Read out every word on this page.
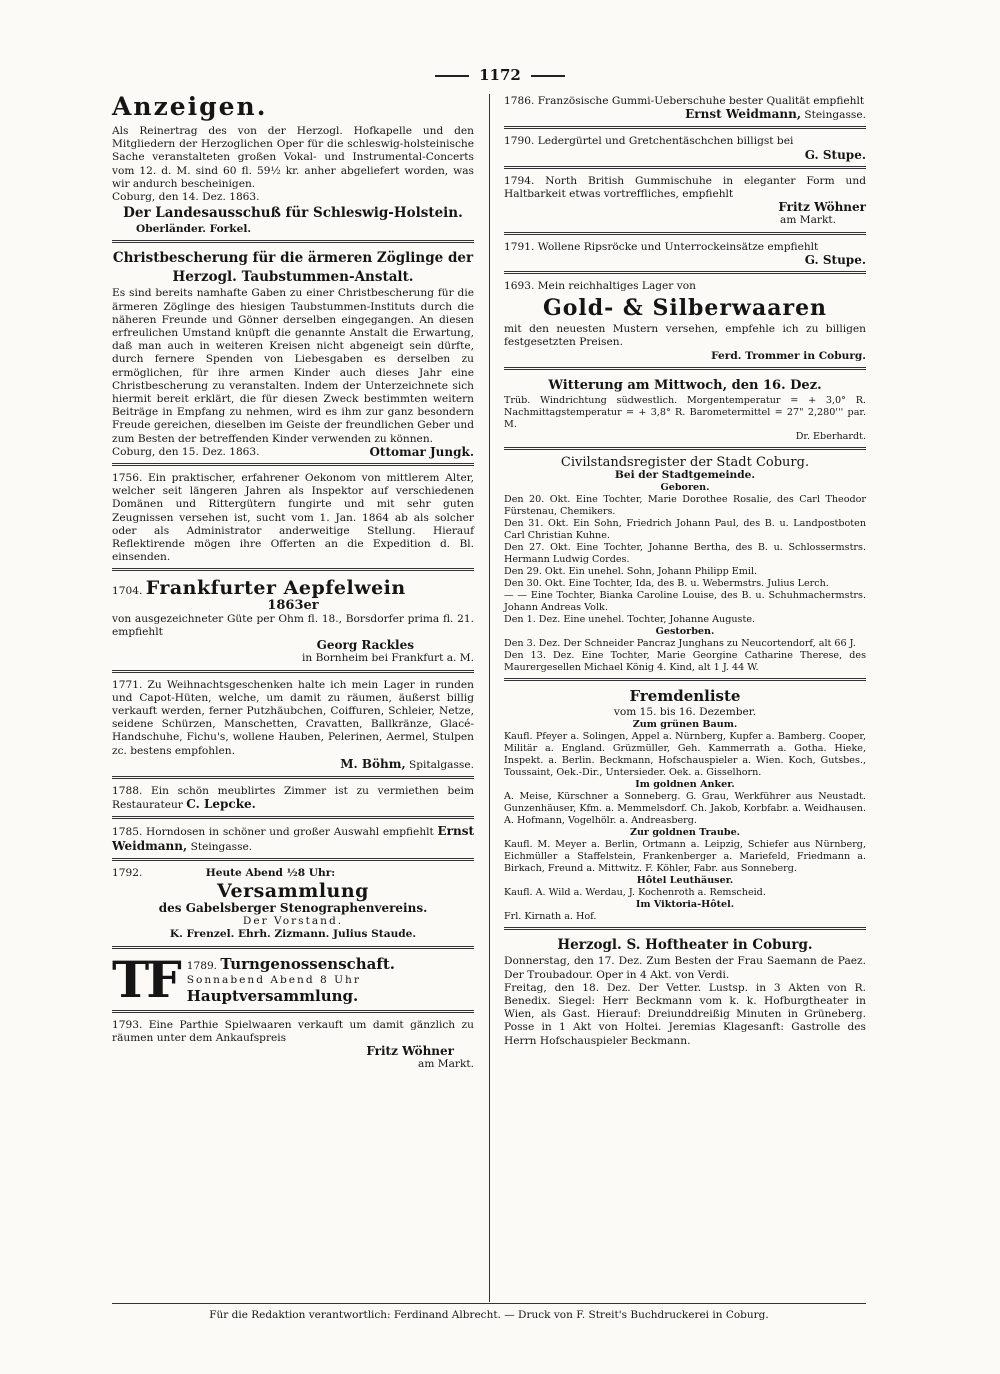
1172
Anzeigen.

Als Reinertrag des von der Herzogl. Hofkapelle und den Mitgliedern der Herzoglichen Oper für die schleswig-holsteinische Sache veranstalteten großen Vokal- und Instrumental-Concerts vom 12. d. M. sind 60 fl. 59½ kr. anher abgeliefert worden, was wir andurch bescheinigen.

Coburg, den 14. Dez. 1863.

Der Landesausschuß für Schleswig-Holstein.

Oberländer. Forkel.

Christbescherung für die ärmeren Zöglinge der

Herzogl. Taubstummen-Anstalt.

Es sind bereits namhafte Gaben zu einer Christbescherung für die ärmeren Zöglinge des hiesigen Taubstummen-Instituts durch die näheren Freunde und Gönner derselben eingegangen. An diesen erfreulichen Umstand knüpft die genannte Anstalt die Erwartung, daß man auch in weiteren Kreisen nicht abgeneigt sein dürfte, durch fernere Spenden von Liebesgaben es derselben zu ermöglichen, für ihre armen Kinder auch dieses Jahr eine Christbescherung zu veranstalten. Indem der Unterzeichnete sich hiermit bereit erklärt, die für diesen Zweck bestimmten weitern Beiträge in Empfang zu nehmen, wird es ihm zur ganz besondern Freude gereichen, dieselben im Geiste der freundlichen Geber und zum Besten der betreffenden Kinder verwenden zu können.

Coburg, den 15. Dez. 1863.	Ottomar Jungk.

1756. Ein praktischer, erfahrener Oekonom von mittlerem Alter, welcher seit längeren Jahren als Inspektor auf verschiedenen Domänen und Rittergütern fungirte und mit sehr guten Zeugnissen versehen ist, sucht vom 1. Jan. 1864 ab als solcher oder als Administrator anderweitige Stellung. Hierauf Reflektirende mögen ihre Offerten an die Expedition d. Bl. einsenden.

1704. Frankfurter Aepfelwein

1863er

von ausgezeichneter Güte per Ohm fl. 18., Borsdorfer prima fl. 21. empfiehlt

Georg Rackles

in Bornheim bei Frankfurt a. M.

1771. Zu Weihnachtsgeschenken halte ich mein Lager in runden und Capot-Hüten, welche, um damit zu räumen, äußerst billig verkauft werden, ferner Putzhäubchen, Coiffuren, Schleier, Netze, seidene Schürzen, Manschetten, Cravatten, Ballkränze, Glacé-Handschuhe, Fichu's, wollene Hauben, Pelerinen, Aermel, Stulpen zc. bestens empfohlen.

M. Böhm, Spitalgasse.

1788. Ein schön meublirtes Zimmer ist zu vermiethen beim Restaurateur C. Lepcke.

1785. Horndosen in schöner und großer Auswahl empfiehlt Ernst Weidmann, Steingasse.

1792.	Heute Abend ½8 Uhr:

Versammlung

des Gabelsberger Stenographenvereins.

Der Vorstand.

K. Frenzel. Ehrh. Zizmann. Julius Staude.

TF 1789. Turngenossenschaft.

Sonnabend Abend 8 Uhr

Hauptversammlung.

1793. Eine Parthie Spielwaaren verkauft um damit gänzlich zu räumen unter dem Ankaufspreis

Fritz Wöhner

am Markt.

1786. Französische Gummi-Ueberschuhe bester Qualität empfiehlt

Ernst Weidmann, Steingasse.

1790. Ledergürtel und Gretchentäschchen billigst bei

G. Stupe.

1794. North British Gummischuhe in eleganter Form und Haltbarkeit etwas vortreffliches, empfiehlt

Fritz Wöhner

am Markt.

1791. Wollene Ripsröcke und Unterrockeinsätze empfiehlt

G. Stupe.

1693. Mein reichhaltiges Lager von

Gold- & Silberwaaren

mit den neuesten Mustern versehen, empfehle ich zu billigen festgesetzten Preisen.

Ferd. Trommer in Coburg.

Witterung am Mittwoch, den 16. Dez.

Trüb. Windrichtung südwestlich. Morgentemperatur = + 3,0° R. Nachmittagstemperatur = + 3,8° R. Barometermittel = 27" 2,280''' par. M.

Dr. Eberhardt.

Civilstandsregister der Stadt Coburg.

Bei der Stadtgemeinde.

Geboren.

Den 20. Okt. Eine Tochter, Marie Dorothee Rosalie, des Carl Theodor Fürstenau, Chemikers.

Den 31. Okt. Ein Sohn, Friedrich Johann Paul, des B. u. Landpostboten Carl Christian Kuhne.

Den 27. Okt. Eine Tochter, Johanne Bertha, des B. u. Schlossermstrs. Hermann Ludwig Cordes.

Den 29. Okt. Ein unehel. Sohn, Johann Philipp Emil.

Den 30. Okt. Eine Tochter, Ida, des B. u. Webermstrs. Julius Lerch.

— — Eine Tochter, Bianka Caroline Louise, des B. u. Schuhmachermstrs. Johann Andreas Volk.

Den 1. Dez. Eine unehel. Tochter, Johanne Auguste.

Gestorben.

Den 3. Dez. Der Schneider Pancraz Junghans zu Neucortendorf, alt 66 J.

Den 13. Dez. Eine Tochter, Marie Georgine Catharine Therese, des Maurergesellen Michael König 4. Kind, alt 1 J. 44 W.

Fremdenliste

vom 15. bis 16. Dezember.

Zum grünen Baum.

Kaufl. Pfeyer a. Solingen, Appel a. Nürnberg, Kupfer a. Bamberg. Cooper, Militär a. England. Grüzmüller, Geh. Kammerrath a. Gotha. Hieke, Inspekt. a. Berlin. Beckmann, Hofschauspieler a. Wien. Koch, Gutsbes., Toussaint, Oek.-Dir., Untersieder. Oek. a. Gisselhorn.

Im goldnen Anker.

A. Meise, Kürschner a Sonneberg. G. Grau, Werkführer aus Neustadt. Gunzenhäuser, Kfm. a. Memmelsdorf. Ch. Jakob, Korbfabr. a. Weidhausen. A. Hofmann, Vogelhölr. a. Andreasberg.

Zur goldnen Traube.

Kaufl. M. Meyer a. Berlin, Ortmann a. Leipzig, Schiefer aus Nürnberg, Eichmüller a Staffelstein, Frankenberger a. Mariefeld, Friedmann a. Birkach, Freund a. Mittwitz. F. Köhler, Fabr. aus Sonneberg.

Hôtel Leuthäuser.

Kaufl. A. Wild a. Werdau, J. Kochenroth a. Remscheid.

Im Viktoria-Hôtel.

Frl. Kirnath a. Hof.

Herzogl. S. Hoftheater in Coburg.

Donnerstag, den 17. Dez. Zum Besten der Frau Saemann de Paez. Der Troubadour. Oper in 4 Akt. von Verdi.

Freitag, den 18. Dez. Der Vetter. Lustsp. in 3 Akten von R. Benedix. Siegel: Herr Beckmann vom k. k. Hofburgtheater in Wien, als Gast. Hierauf: Dreiunddreißig Minuten in Grüneberg. Posse in 1 Akt von Holtei. Jeremias Klagesanft: Gastrolle des Herrn Hofschauspieler Beckmann.

Für die Redaktion verantwortlich: Ferdinand Albrecht. — Druck von F. Streit's Buchdruckerei in Coburg.
